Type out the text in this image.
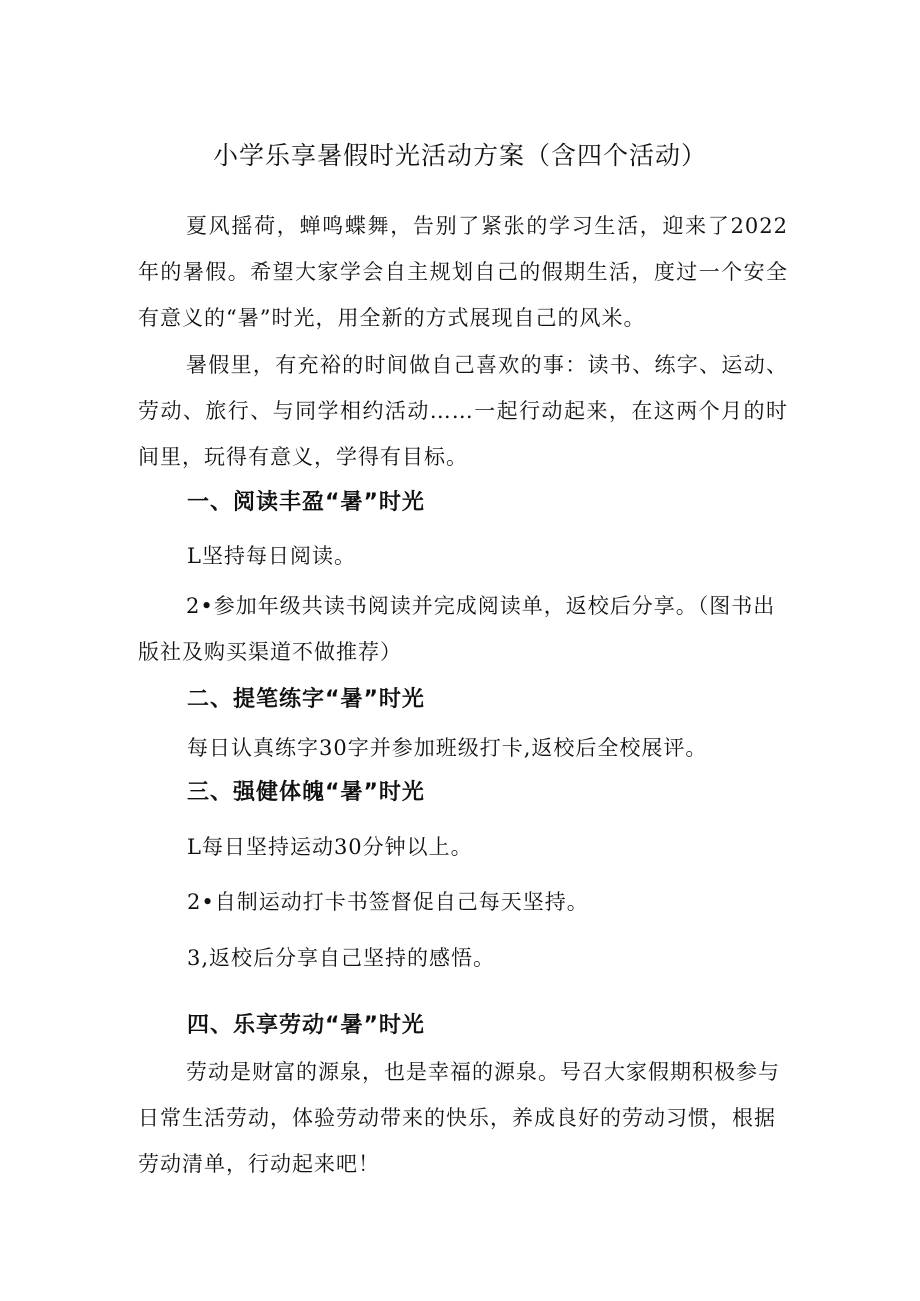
小学乐享暑假时光活动方案（含四个活动）

夏风摇荷，蝉鸣蝶舞，告别了紧张的学习生活，迎来了2022年的暑假。希望大家学会自主规划自己的假期生活，度过一个安全有意义的“暑”时光，用全新的方式展现自己的风米。

暑假里，有充裕的时间做自己喜欢的事：读书、练字、运动、劳动、旅行、与同学相约活动……一起行动起来，在这两个月的时间里，玩得有意义，学得有目标。

一、阅读丰盈“暑”时光
L坚持每日阅读。
2•参加年级共读书阅读并完成阅读单，返校后分享。（图书出版社及购买渠道不做推荐）
二、提笔练字“暑”时光
每日认真练字30字并参加班级打卡,返校后全校展评。
三、强健体魄“暑”时光
L每日坚持运动30分钟以上。
2•自制运动打卡书签督促自己每天坚持。
3,返校后分享自己坚持的感悟。
四、乐享劳动“暑”时光
劳动是财富的源泉，也是幸福的源泉。号召大家假期积极参与日常生活劳动，体验劳动带来的快乐，养成良好的劳动习惯，根据劳动清单，行动起来吧！
